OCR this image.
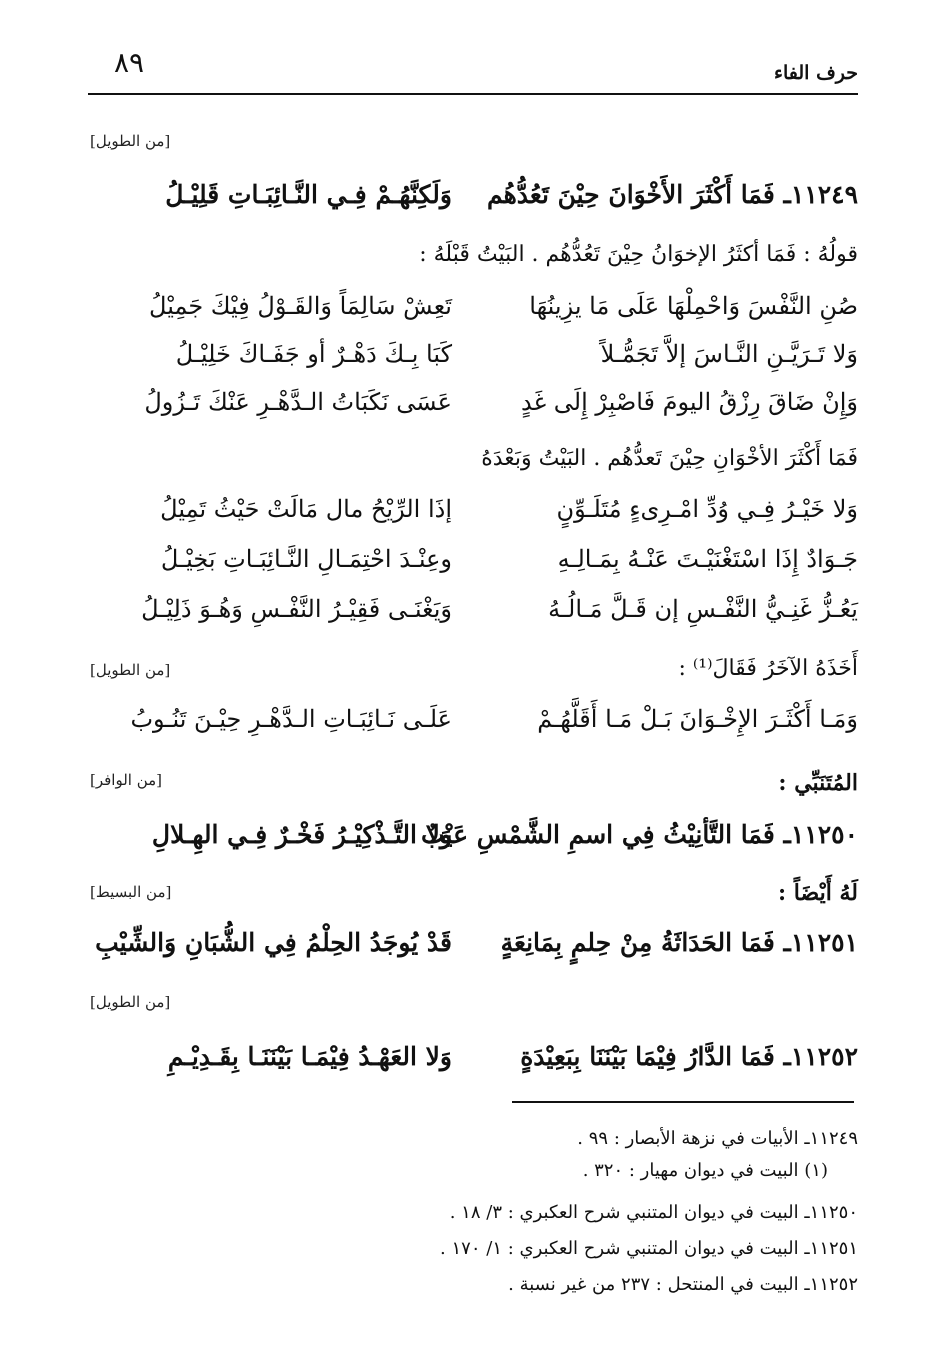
٨٩	حرف الفاء
[من الطويل]
١١٢٤٩ـ فَمَا أَكْثَرَ الأَخْوَانَ حِيْنَ تَعُدُّهُم
وَلَكِنَّهُـمْ فِـي النَّـائِبَـاتِ قَلِيْـلُ
قولُهُ : فَمَا أكثَرُ الإخوَانُ حِيْنَ تَعُدُّهُم . البَيْتُ قَبْلَهُ :
صُنِ النَّفْسَ وَاحْمِلْهَا عَلَى مَا يزِينُهَا
تَعِشْ سَالِمَاً وَالقَـوْلُ فِيْكَ جَمِيْلُ
وَلا تَـرَيَّـنِ النَّـاسَ إلاَّ تَجَمُّـلاً
كَبَا بِـكَ دَهْـرٌ أو جَفَـاكَ خَلِيْـلُ
وَإِنْ ضَاقَ رِزْقُ اليومَ فَاصْبِرْ إِلَى غَدٍ
عَسَى نَكَبَاتُ الـدَّهْـرِ عَنْكَ تَـزُولُ
فَمَا أَكْثَرَ الأخْوَانِ حِيْنَ تَعدُّهُم . البَيْتُ وَبَعْدَهُ
وَلا خَيْـرُ فِـي وُدِّ امْـرِىءٍ مُتَلَـوِّنٍ
إذَا الرِّيْحُ مال مَالَتْ حَيْثُ تَمِيْلُ
جَـوَادٌ إِذَا اسْتَغْنَيْـتَ عَنْـهُ بِمَـالِـهِ
وعِنْـدَ احْتِمَـالِ النَّـائِبَـاتِ بَخِيْـلُ
يَعُـزُّ غَنِـيُّ النَّفْـسِ إن قَـلَّ مَـالُـهُ
وَيَغْنَـى فَقِيْـرُ النَّفْـسِ وَهُـوَ ذَلِيْـلُ
[من الطويل]	أَخَذَهُ الآخَرُ فَقَالَ⁽¹⁾ :
وَمَـا أَكْثَـرَ الإِخْـوَانَ بَـلْ مَـا أَقَلَّهُـمْ
عَلَـى نَـائِبَـاتِ الـدَّهْـرِ حِيْـنَ تَنُـوبُ
[من الوافر]	المُتَنَبِّي :
١١٢٥٠ـ فَمَا التَّأنِيْثُ فِي اسمِ الشَّمْسِ عَيْبٌ
وَلا التَّـذْكِيْـرُ فَخْـرٌ فِـي الهِـلالِ
[من البسيط]	لَهُ أَيْضَاً :
١١٢٥١ـ فَمَا الحَدَاثَةُ مِنْ حِلمٍ بِمَانِعَةٍ
قَدْ يُوجَدُ الحِلْمُ فِي الشُّبَانِ وَالشِّيْبِ
[من الطويل]
١١٢٥٢ـ فَمَا الدَّارُ فِيْمَا بَيْنَنَا بِبَعِيْدَةٍ
وَلا العَهْـدُ فِيْمَـا بَيْنَنَـا بِقَـدِيْـمِ
١١٢٤٩ـ الأبيات في نزهة الأبصار : ٩٩ .
(١) البيت في ديوان مهيار : ٣٢٠ .
١١٢٥٠ـ البيت في ديوان المتنبي شرح العكبري : ٣/ ١٨ .
١١٢٥١ـ البيت في ديوان المتنبي شرح العكبري : ١/ ١٧٠ .
١١٢٥٢ـ البيت في المنتحل : ٢٣٧ من غير نسبة .
